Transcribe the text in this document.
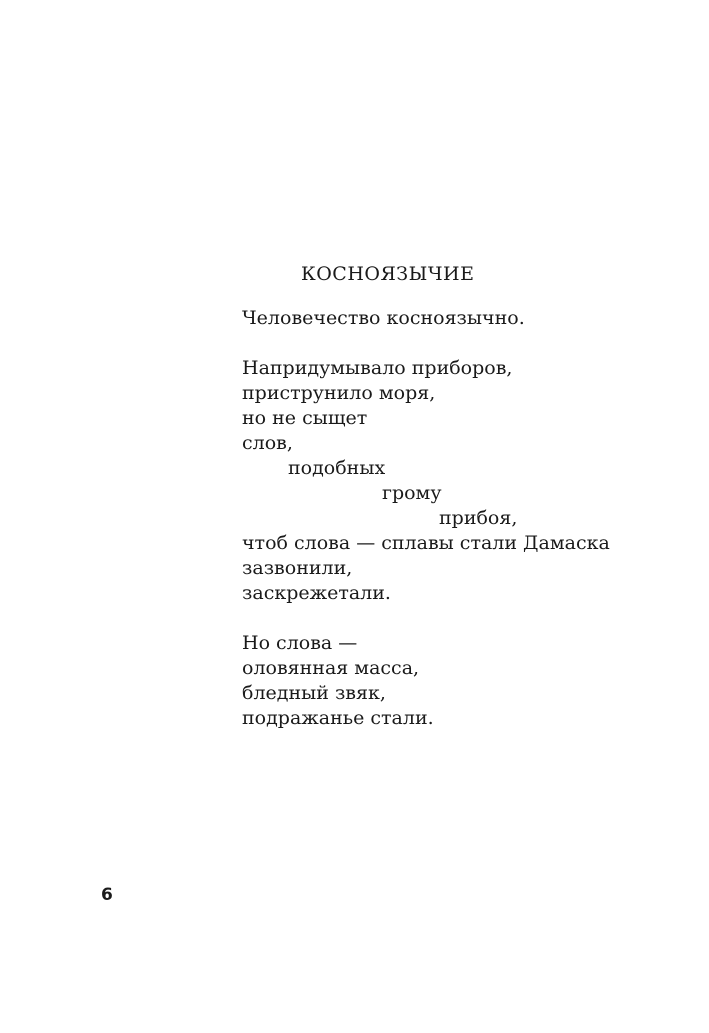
КОСНОЯЗЫЧИЕ
Человечество косноязычно.
Напридумывало приборов,
приструнило моря,
но не сыщет
слов,
подобных
грому
прибоя,
чтоб слова — сплавы стали Дамаска
зазвонили,
заскрежетали.
Но слова —
оловянная масса,
бледный звяк,
подражанье стали.
6
